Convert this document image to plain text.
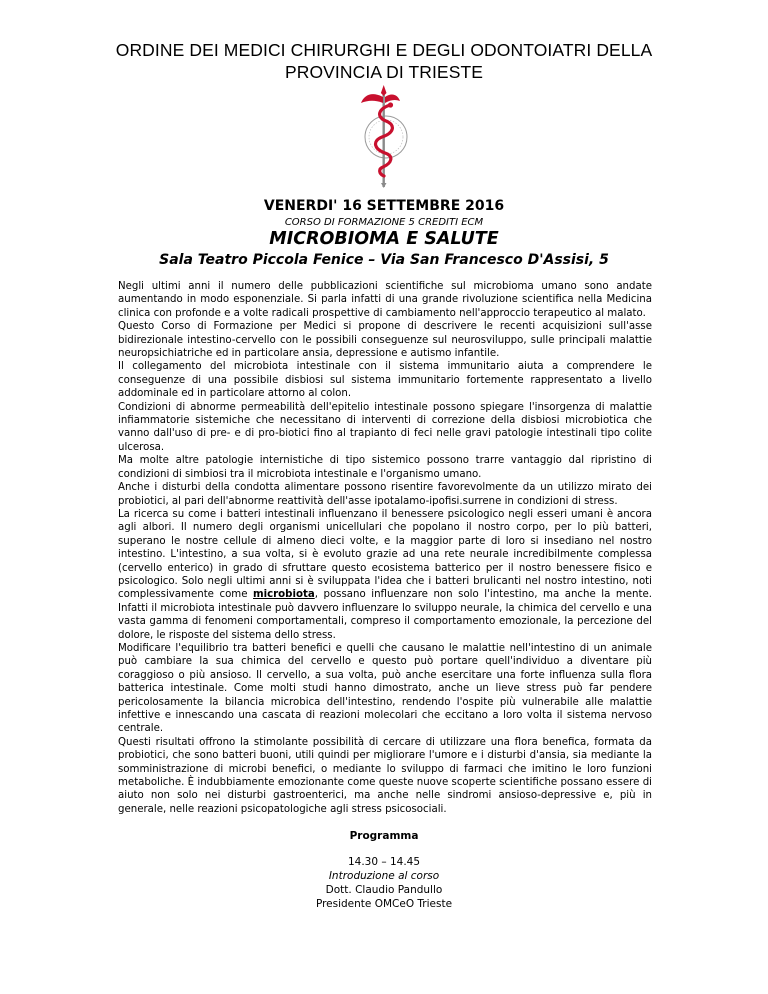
ORDINE DEI MEDICI CHIRURGHI E DEGLI ODONTOIATRI DELLA
PROVINCIA DI TRIESTE
VENERDI' 16 SETTEMBRE 2016
CORSO DI FORMAZIONE 5 CREDITI ECM
MICROBIOMA E SALUTE
Sala Teatro Piccola Fenice – Via San Francesco D'Assisi, 5

Negli ultimi anni il numero delle pubblicazioni scientifiche sul microbioma umano sono andate aumentando in modo esponenziale. Si parla infatti di una grande rivoluzione scientifica nella Medicina clinica con profonde e a volte radicali prospettive di cambiamento nell'approccio terapeutico al malato.

Questo Corso di Formazione per Medici si propone di descrivere le recenti acquisizioni sull'asse bidirezionale intestino-cervello con le possibili conseguenze sul neurosviluppo, sulle principali malattie neuropsichiatriche ed in particolare ansia, depressione e autismo infantile.

Il collegamento del microbiota intestinale con il sistema immunitario aiuta a comprendere le conseguenze di una possibile disbiosi sul sistema immunitario fortemente rappresentato a livello addominale ed in particolare attorno al colon.

Condizioni di abnorme permeabilità dell'epitelio intestinale possono spiegare l'insorgenza di malattie infiammatorie sistemiche che necessitano di interventi di correzione della disbiosi microbiotica che vanno dall'uso di pre- e di pro-biotici fino al trapianto di feci nelle gravi patologie intestinali tipo colite ulcerosa.

Ma molte altre patologie internistiche di tipo sistemico possono trarre vantaggio dal ripristino di condizioni di simbiosi tra il microbiota intestinale e l'organismo umano.

Anche i disturbi della condotta alimentare possono risentire favorevolmente da un utilizzo mirato dei probiotici, al pari dell'abnorme reattività dell'asse ipotalamo-ipofisi.surrene in condizioni di stress.

La ricerca su come i batteri intestinali influenzano il benessere psicologico negli esseri umani è ancora agli albori. Il numero degli organismi unicellulari che popolano il nostro corpo, per lo più batteri, superano le nostre cellule di almeno dieci volte, e la maggior parte di loro si insediano nel nostro intestino. L'intestino, a sua volta, si è evoluto grazie ad una rete neurale incredibilmente complessa (cervello enterico) in grado di sfruttare questo ecosistema batterico per il nostro benessere fisico e psicologico. Solo negli ultimi anni si è sviluppata l'idea che i batteri brulicanti nel nostro intestino, noti complessivamente come microbiota, possano influenzare non solo l'intestino, ma anche la mente. Infatti il microbiota intestinale può davvero influenzare lo sviluppo neurale, la chimica del cervello e una vasta gamma di fenomeni comportamentali, compreso il comportamento emozionale, la percezione del dolore, le risposte del sistema dello stress.

Modificare l'equilibrio tra batteri benefici e quelli che causano le malattie nell'intestino di un animale può cambiare la sua chimica del cervello e questo può portare quell'individuo a diventare più coraggioso o più ansioso. Il cervello, a sua volta, può anche esercitare una forte influenza sulla flora batterica intestinale. Come molti studi hanno dimostrato, anche un lieve stress può far pendere pericolosamente la bilancia microbica dell'intestino, rendendo l'ospite più vulnerabile alle malattie infettive e innescando una cascata di reazioni molecolari che eccitano a loro volta il sistema nervoso centrale.

Questi risultati offrono la stimolante possibilità di cercare di utilizzare una flora benefica, formata da probiotici, che sono batteri buoni, utili quindi per migliorare l'umore e i disturbi d'ansia, sia mediante la somministrazione di microbi benefici, o mediante lo sviluppo di farmaci che imitino le loro funzioni metaboliche. È indubbiamente emozionante come queste nuove scoperte scientifiche possano essere di aiuto non solo nei disturbi gastroenterici, ma anche nelle sindromi ansioso-depressive e, più in generale, nelle reazioni psicopatologiche agli stress psicosociali.

Programma
14.30 – 14.45
Introduzione al corso
Dott. Claudio Pandullo
Presidente OMCeO Trieste
